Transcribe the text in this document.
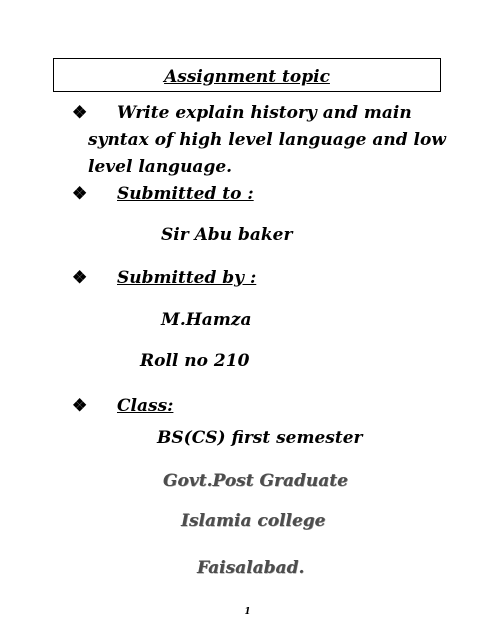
Assignment topic
❖ Write explain history and main
syntax of high level language and low
level language.
❖ Submitted to :
Sir Abu baker
❖ Submitted by :
M.Hamza
Roll no 210
❖ Class:
BS(CS) first semester
Govt.Post Graduate
Islamia college
Faisalabad.
1
